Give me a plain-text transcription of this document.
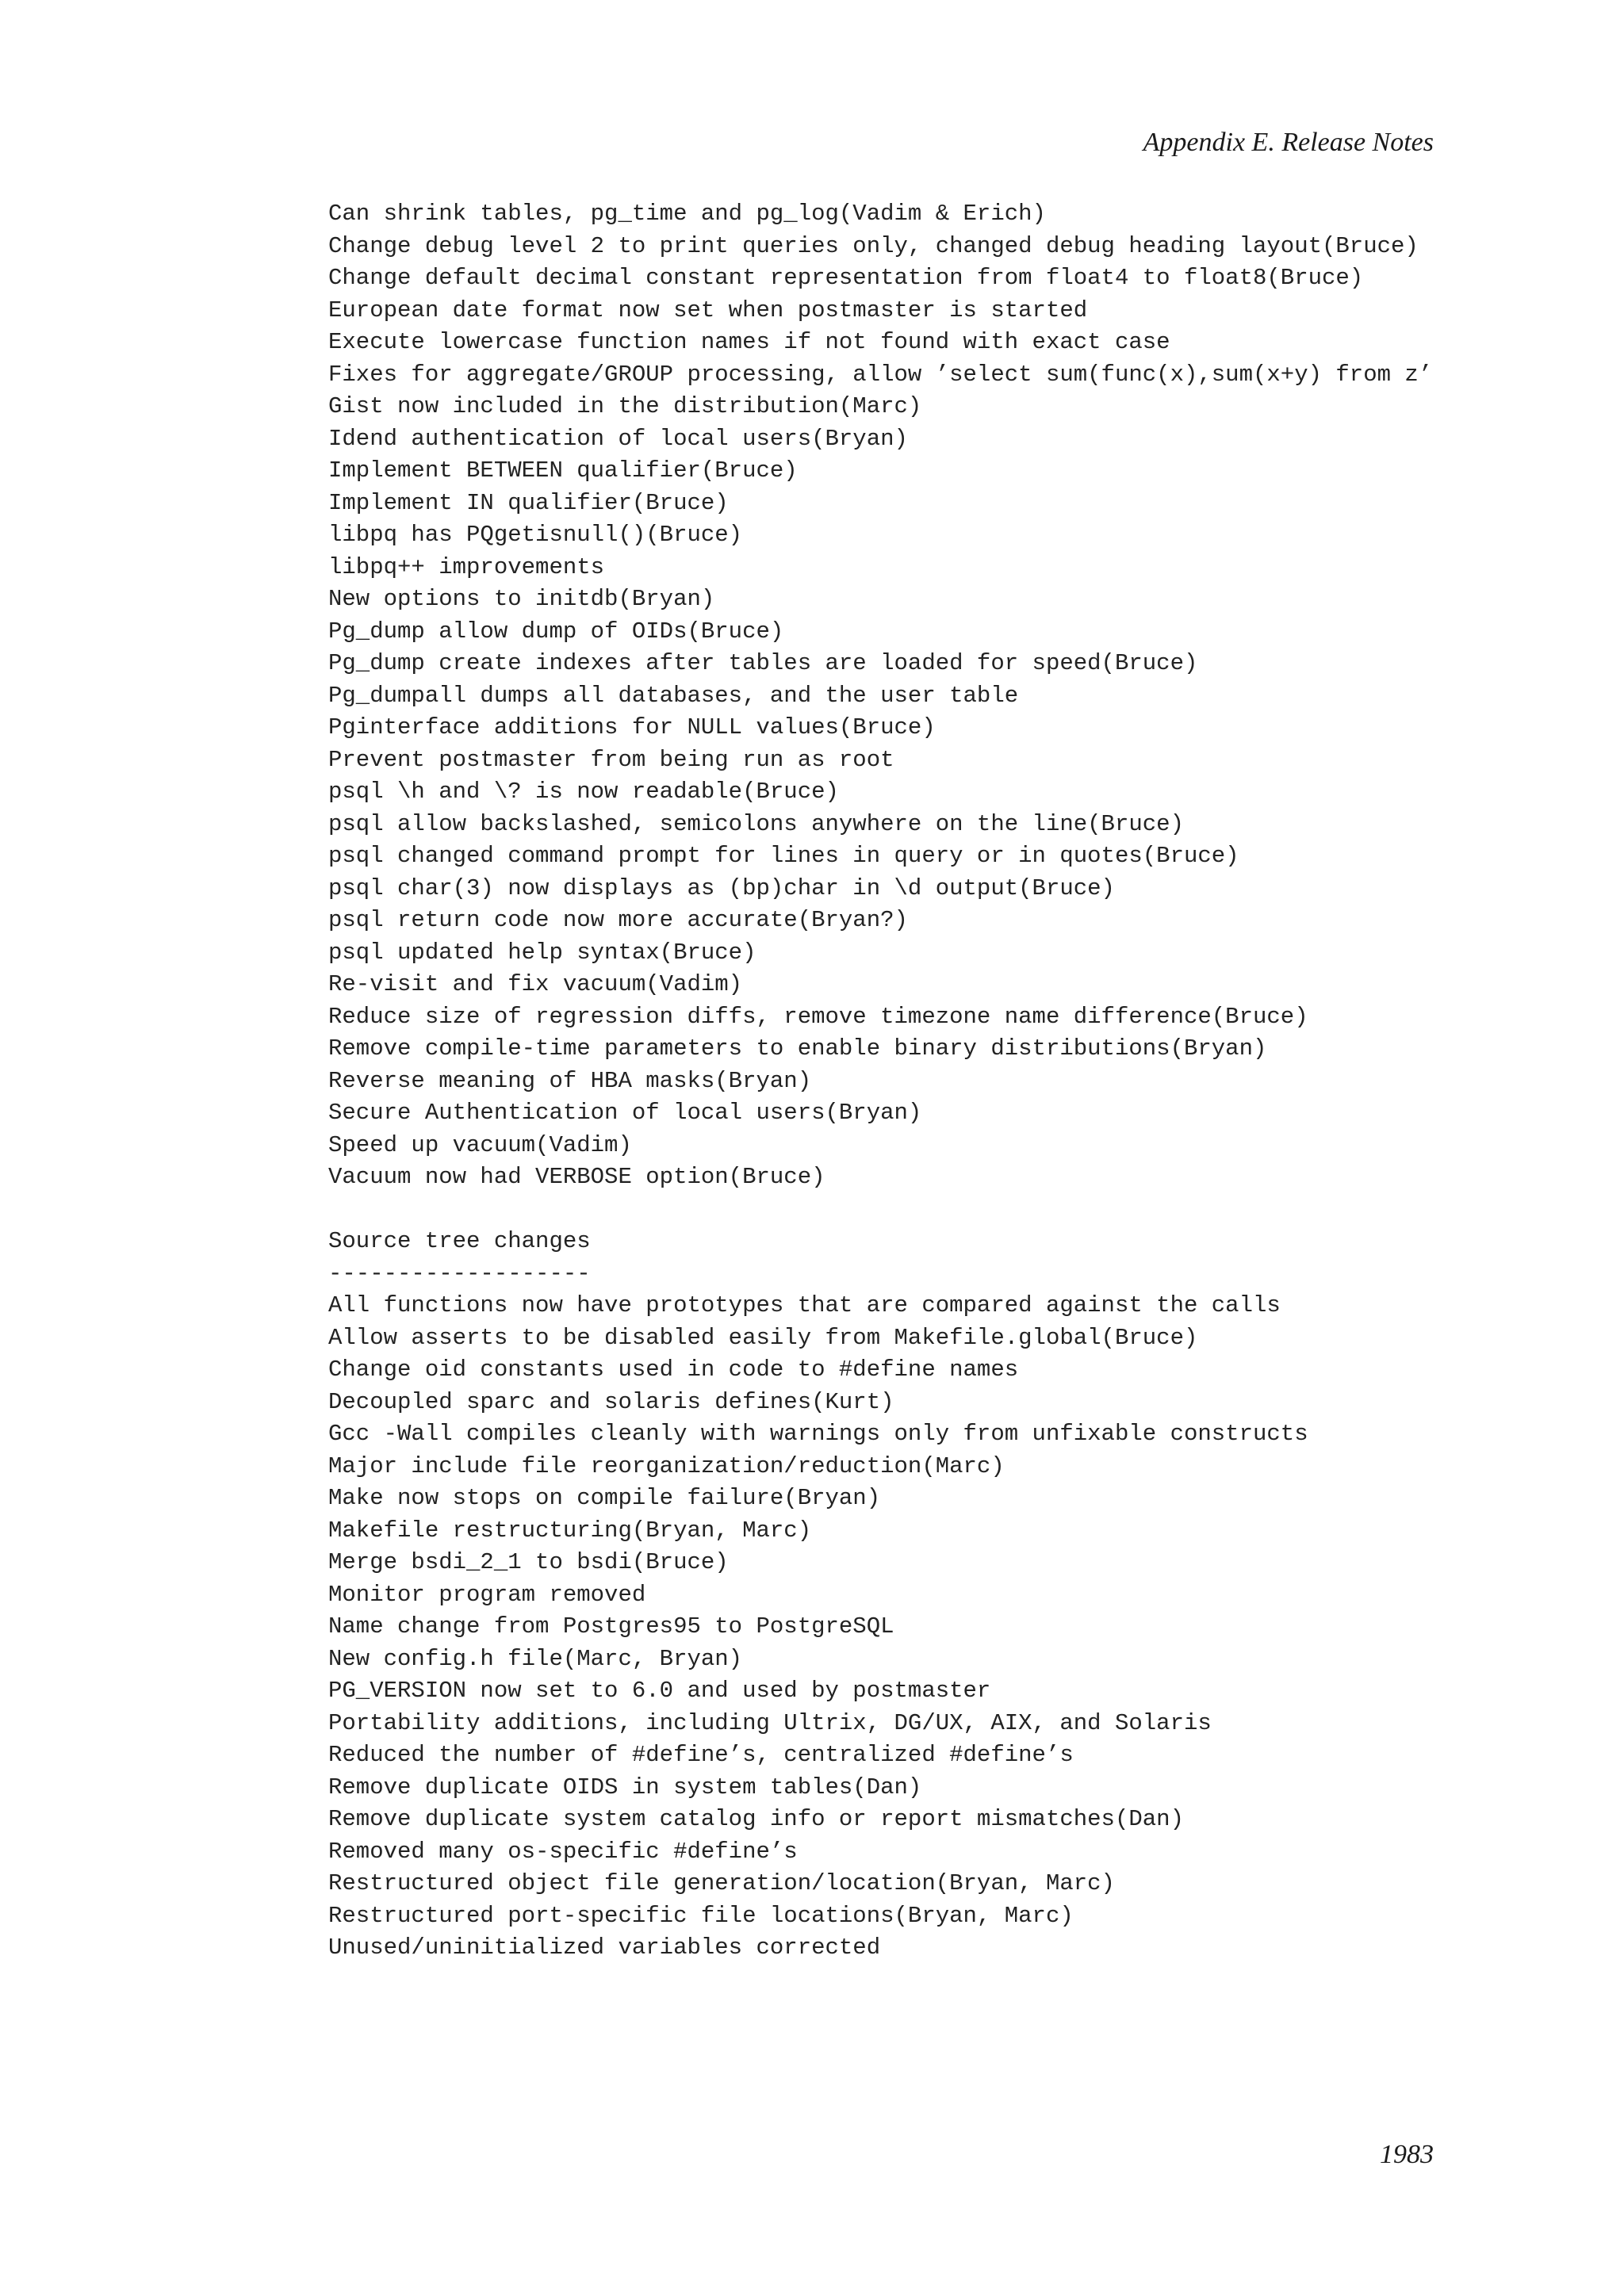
Appendix E. Release Notes
Can shrink tables, pg_time and pg_log(Vadim & Erich)
Change debug level 2 to print queries only, changed debug heading layout(Bruce)
Change default decimal constant representation from float4 to float8(Bruce)
European date format now set when postmaster is started
Execute lowercase function names if not found with exact case
Fixes for aggregate/GROUP processing, allow ’select sum(func(x),sum(x+y) from z’
Gist now included in the distribution(Marc)
Idend authentication of local users(Bryan)
Implement BETWEEN qualifier(Bruce)
Implement IN qualifier(Bruce)
libpq has PQgetisnull()(Bruce)
libpq++ improvements
New options to initdb(Bryan)
Pg_dump allow dump of OIDs(Bruce)
Pg_dump create indexes after tables are loaded for speed(Bruce)
Pg_dumpall dumps all databases, and the user table
Pginterface additions for NULL values(Bruce)
Prevent postmaster from being run as root
psql \h and \? is now readable(Bruce)
psql allow backslashed, semicolons anywhere on the line(Bruce)
psql changed command prompt for lines in query or in quotes(Bruce)
psql char(3) now displays as (bp)char in \d output(Bruce)
psql return code now more accurate(Bryan?)
psql updated help syntax(Bruce)
Re-visit and fix vacuum(Vadim)
Reduce size of regression diffs, remove timezone name difference(Bruce)
Remove compile-time parameters to enable binary distributions(Bryan)
Reverse meaning of HBA masks(Bryan)
Secure Authentication of local users(Bryan)
Speed up vacuum(Vadim)
Vacuum now had VERBOSE option(Bruce)
Source tree changes
-------------------
All functions now have prototypes that are compared against the calls
Allow asserts to be disabled easily from Makefile.global(Bruce)
Change oid constants used in code to #define names
Decoupled sparc and solaris defines(Kurt)
Gcc -Wall compiles cleanly with warnings only from unfixable constructs
Major include file reorganization/reduction(Marc)
Make now stops on compile failure(Bryan)
Makefile restructuring(Bryan, Marc)
Merge bsdi_2_1 to bsdi(Bruce)
Monitor program removed
Name change from Postgres95 to PostgreSQL
New config.h file(Marc, Bryan)
PG_VERSION now set to 6.0 and used by postmaster
Portability additions, including Ultrix, DG/UX, AIX, and Solaris
Reduced the number of #define’s, centralized #define’s
Remove duplicate OIDS in system tables(Dan)
Remove duplicate system catalog info or report mismatches(Dan)
Removed many os-specific #define’s
Restructured object file generation/location(Bryan, Marc)
Restructured port-specific file locations(Bryan, Marc)
Unused/uninitialized variables corrected
1983
